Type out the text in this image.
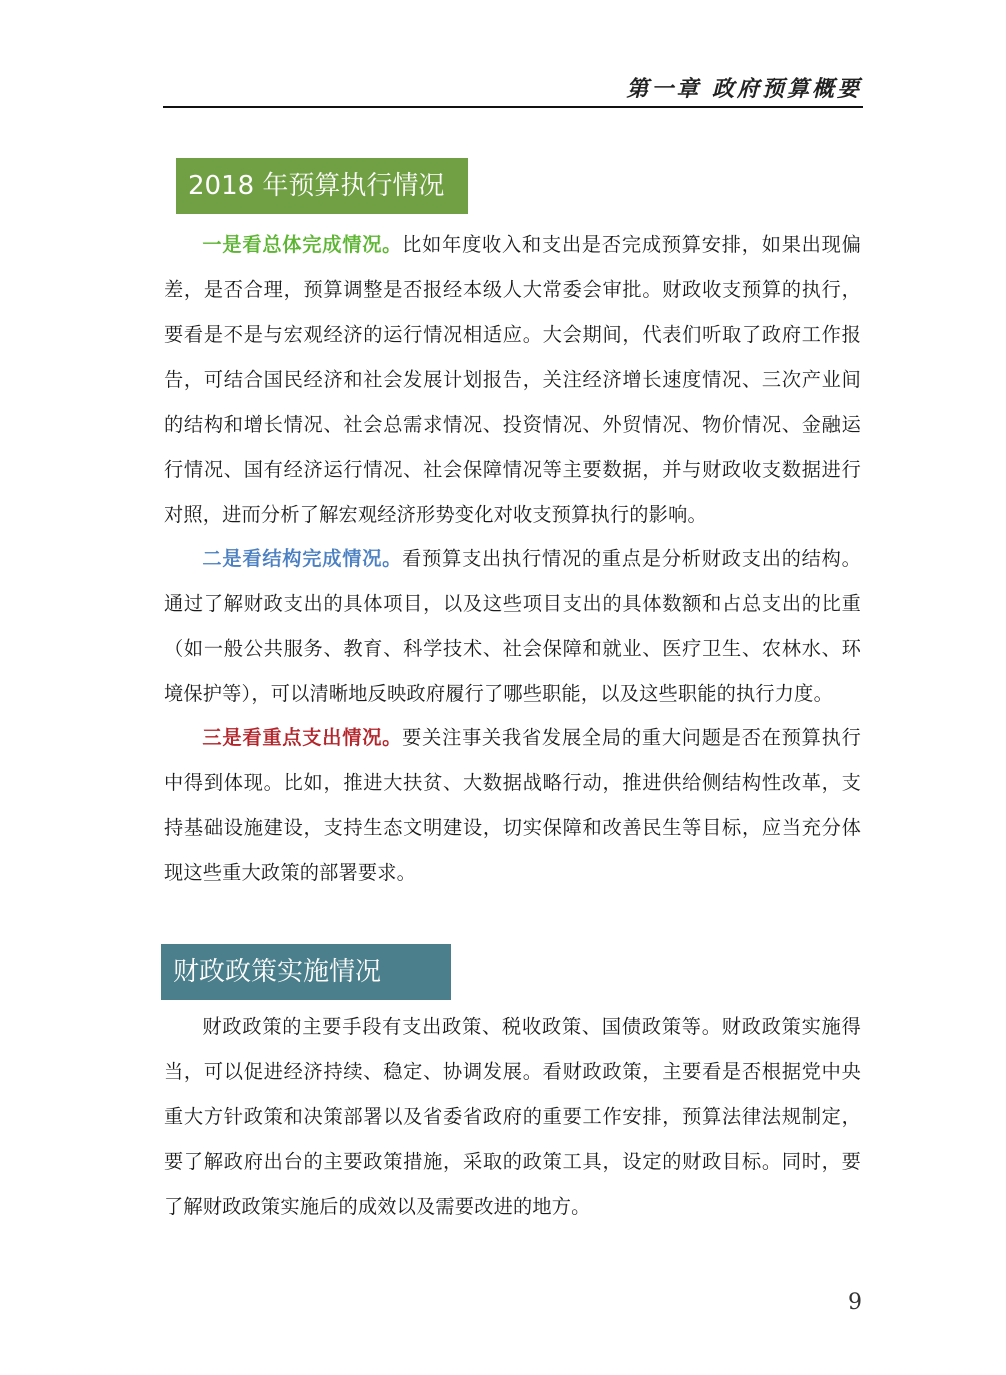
第一章 政府预算概要
2018 年预算执行情况

一是看总体完成情况。比如年度收入和支出是否完成预算安排，如果出现偏差，是否合理，预算调整是否报经本级人大常委会审批。财政收支预算的执行，要看是不是与宏观经济的运行情况相适应。大会期间，代表们听取了政府工作报告，可结合国民经济和社会发展计划报告，关注经济增长速度情况、三次产业间的结构和增长情况、社会总需求情况、投资情况、外贸情况、物价情况、金融运行情况、国有经济运行情况、社会保障情况等主要数据，并与财政收支数据进行对照，进而分析了解宏观经济形势变化对收支预算执行的影响。

二是看结构完成情况。看预算支出执行情况的重点是分析财政支出的结构。通过了解财政支出的具体项目，以及这些项目支出的具体数额和占总支出的比重（如一般公共服务、教育、科学技术、社会保障和就业、医疗卫生、农林水、环境保护等），可以清晰地反映政府履行了哪些职能，以及这些职能的执行力度。

三是看重点支出情况。要关注事关我省发展全局的重大问题是否在预算执行中得到体现。比如，推进大扶贫、大数据战略行动，推进供给侧结构性改革，支持基础设施建设，支持生态文明建设，切实保障和改善民生等目标，应当充分体现这些重大政策的部署要求。

财政政策实施情况

财政政策的主要手段有支出政策、税收政策、国债政策等。财政政策实施得当，可以促进经济持续、稳定、协调发展。看财政政策，主要看是否根据党中央重大方针政策和决策部署以及省委省政府的重要工作安排，预算法律法规制定，要了解政府出台的主要政策措施，采取的政策工具，设定的财政目标。同时，要了解财政政策实施后的成效以及需要改进的地方。

9
